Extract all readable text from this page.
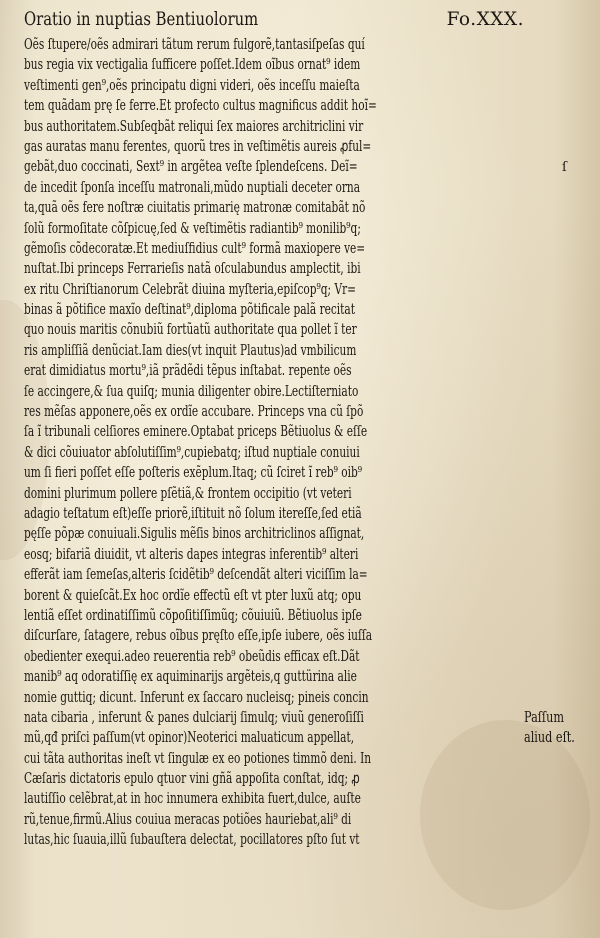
Oratio in nuptias Bentiuolorum	Fo.XXX.
Oẽs ſtupere/oẽs admirari tãtum rerum fulgorẽ,tantasiſpeſas quí
bus regia vix vectigalia ſufficere poſſet.Idem oĩbus ornat⁹ idem
veſtimenti gen⁹,oẽs principatu digni videri, oẽs inceſſu maieſta
tem quãdam prę ſe ferre.Et profecto cultus magnificus addit hoĩ=
bus authoritatem.Subſeqbãt reliqui ſex maiores architriclini vir
gas auratas manu ferentes, quorũ tres in veſtimẽtis aureis ꝓful=
gebãt,duo coccinati, Sext⁹ in argẽtea veſte ſplendeſcens. Deĩ=
de incedit ſponſa inceſſu matronali,mũdo nuptiali deceter orna
ta,quã oẽs fere noſtræ ciuitatis primarię matronæ comitabãt nõ
ſolũ formoſitate cõſpicuę,ſed & veſtimẽtis radiantib⁹ monilib⁹q;
gẽmoſis cõdecoratæ.Et mediuſfidius cult⁹ formã maxiopere ve=
nuſtat.Ibi princeps Ferrarieſis natã oſculabundus amplectit, ibi
ex ritu Chriſtianorum Celebrãt diuina myſteria,epiſcop⁹q; Vr=
binas ã põtifice maxĩo deſtinat⁹,diploma põtificale palã recitat
quo nouis maritis cõnubiũ fortũatũ authoritate qua pollet ĩ ter
ris ampliſſiã denũciat.Iam dies(vt inquit Plautus)ad vmbilicum
erat dimidiatus mortu⁹,iã prãdẽdi tẽpus inſtabat. repente oẽs
ſe accingere,& ſua quiſq; munia diligenter obire.Lectiſterniato
res mẽſas apponere,oẽs ex ordĩe accubare. Princeps vna cũ ſpõ
ſa ĩ tribunali celſiores eminere.Optabat priceps Bẽtiuolus & eſſe
& dici cõuiuator abſolutiſſim⁹,cupiebatq; iſtud nuptiale conuiui
um ſi fieri poſſet eſſe poſteris exẽplum.Itaq; cũ ſciret ĩ reb⁹ oib⁹
domini plurimum pollere pſẽtiã,& frontem occipitio (vt veteri
adagio teſtatum eſt)eſſe priorẽ,iſtituit nõ ſolum itereſſe,ſed etiã
pęſſe põpæ conuiuali.Sigulis mẽſis binos architriclinos aſſignat,
eosq; bifariã diuidit, vt alteris dapes integras inferentib⁹ alteri
efferãt iam ſemeſas,alteris ſcidẽtib⁹ deſcendãt alteri viciſſim la=
borent & quieſcãt.Ex hoc ordĩe effectũ eſt vt pter luxũ atq; opu
lentiã eſſet ordinatiſſimũ cõpoſitiſſimũq; cõuiuiũ. Bẽtiuolus ipſe
diſcurſare, ſatagere, rebus oĩbus pręſto eſſe,ipſe iubere, oẽs iuſſa
obedienter exequi.adeo reuerentia reb⁹ obeũdis efficax eſt.Dãt
manib⁹ aq odoratiſſię ex aquiminarijs argẽteis,q guttürina alie
nomie guttiq; dicunt. Inferunt ex ſaccaro nucleisq; pineis concin
nata cibaria , inferunt & panes dulciarij ſimulq; viuũ generoſiſſi
mũ,qđ priſci paſſum(vt opinor)Neoterici maluaticum appellat,
cui tãta authoritas ineſt vt ſingulæ ex eo potiones timmõ deni. In
Cæſaris dictatoris epulo qtuor vini gñã appoſita conſtat, idq; ꝓ
lautiſſio celẽbrat,at in hoc innumera exhibita fuert,dulce, auſte
rũ,tenue,firmũ.Alius couiua meracas potiões hauriebat,ali⁹ di
lutas,hic ſuauia,illũ ſubauſtera delectat, pocillatores pſto ſut vt
ſ
Paſſum
aliud eſt.
